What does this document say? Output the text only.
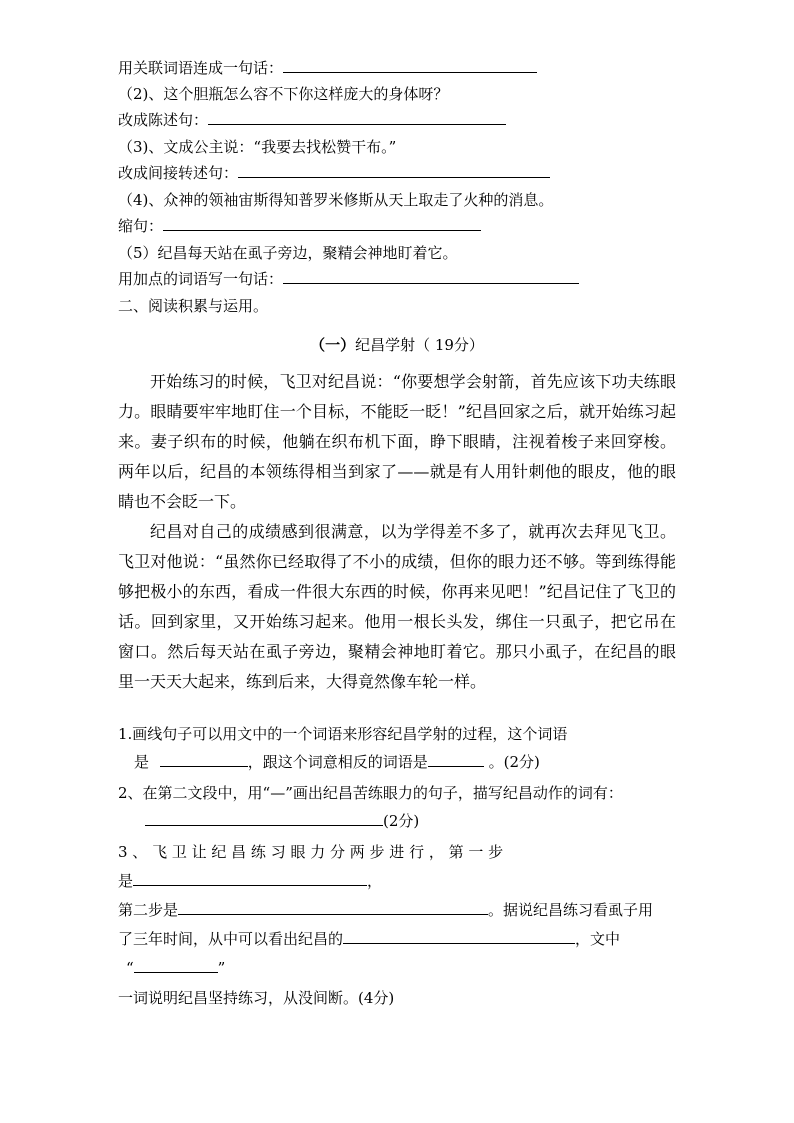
用关联词语连成一句话：
（2)、这个胆瓶怎么容不下你这样庞大的身体呀？
改成陈述句：
（3)、文成公主说：“我要去找松赞干布。”
改成间接转述句：
（4)、众神的领袖宙斯得知普罗米修斯从天上取走了火种的消息。
缩句：
（5）纪昌每天站在虱子旁边，聚精会神地盯着它。
用加点的词语写一句话：
二、阅读积累与运用。
（一）纪昌学射（ 19分）

开始练习的时候，飞卫对纪昌说：“你要想学会射箭，首先应该下功夫练眼力。眼睛要牢牢地盯住一个目标，不能眨一眨！”纪昌回家之后，就开始练习起来。妻子织布的时候，他躺在织布机下面，睁下眼睛，注视着梭子来回穿梭。两年以后，纪昌的本领练得相当到家了——就是有人用针刺他的眼皮，他的眼睛也不会眨一下。

纪昌对自己的成绩感到很满意，以为学得差不多了，就再次去拜见飞卫。飞卫对他说：“虽然你已经取得了不小的成绩，但你的眼力还不够。等到练得能够把极小的东西，看成一件很大东西的时候，你再来见吧！”纪昌记住了飞卫的话。回到家里，又开始练习起来。他用一根长头发，绑住一只虱子，把它吊在窗口。然后每天站在虱子旁边，聚精会神地盯着它。那只小虱子，在纪昌的眼里一天天大起来，练到后来，大得竟然像车轮一样。

1.画线句子可以用文中的一个词语来形容纪昌学射的过程，这个词语
是	，跟这个词意相反的词语是	。(2分)
2、在第二文段中，用“—”画出纪昌苦练眼力的句子，描写纪昌动作的词有：
(2分)
3 、 飞 卫 让 纪 昌 练 习 眼 力 分 两 步 进 行 ， 第 一 步
是	，
第二步是	。据说纪昌练习看虱子用
了三年时间，从中可以看出纪昌的	，文中
“	”
一词说明纪昌坚持练习，从没间断。(4分)
